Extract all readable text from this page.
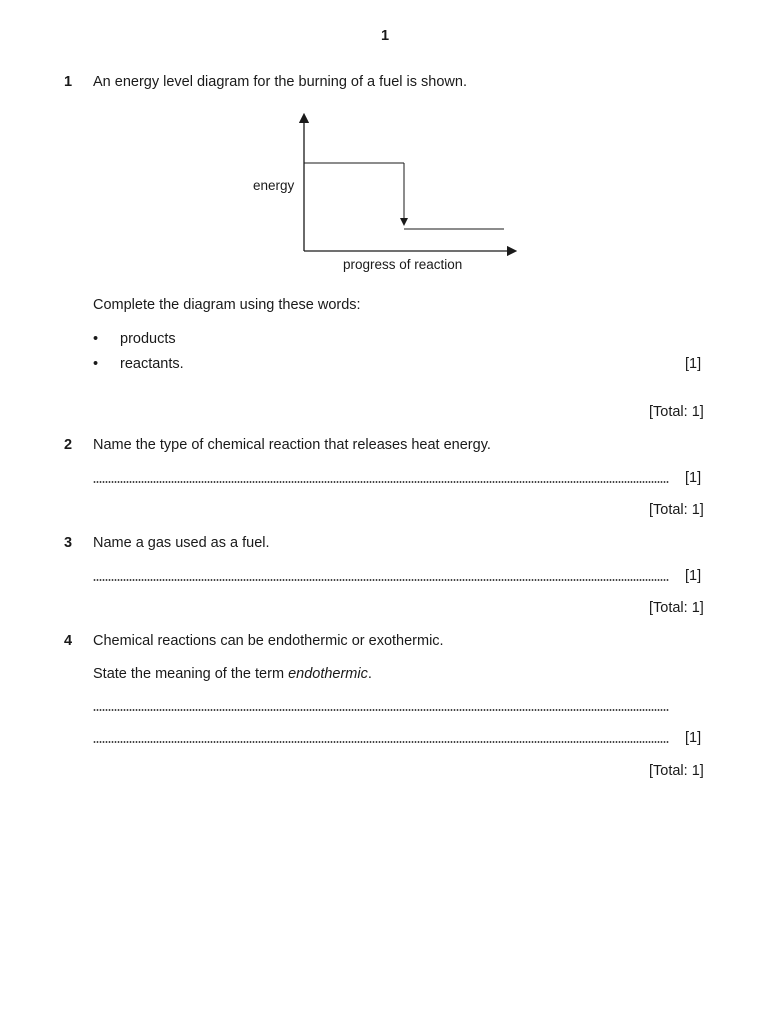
1
1 An energy level diagram for the burning of a fuel is shown.
energy
progress of reaction
Complete the diagram using these words:
• products
• reactants.	[1]
[Total: 1]
2 Name the type of chemical reaction that releases heat energy.
[1]
[Total: 1]
3 Name a gas used as a fuel.
[1]
[Total: 1]
4 Chemical reactions can be endothermic or exothermic.
State the meaning of the term endothermic.
[1]
[Total: 1]
